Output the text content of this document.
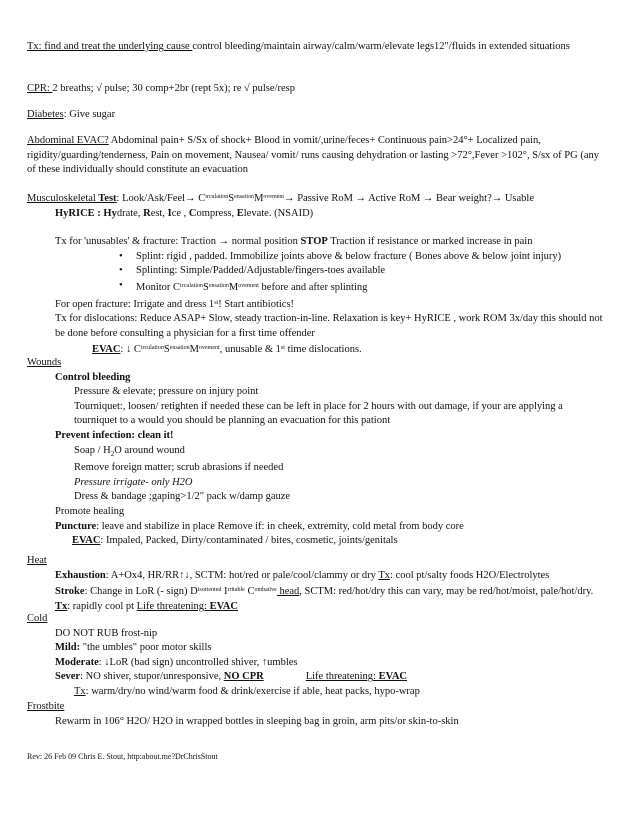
Tx: find and treat the underlying cause control bleeding/maintain airway/calm/warm/elevate legs12"/fluids in extended situations
CPR: 2 breaths; √ pulse; 30 comp+2br (rept 5x); re √ pulse/resp
Diabetes: Give sugar
Abdominal EVAC? Abdominal pain+ S/Sx of shock+ Blood in vomit/,urine/feces+ Continuous pain>24°+ Localized pain, rigidity/guarding/tenderness, Pain on movement, Nausea/ vomit/ runs causing dehydration or lasting >72°,Fever >102°, S/sx of PG (any of these individually should constitute an evacuation
Musculoskeletal Test: Look/Ask/Feel→ $C^{irculation}S^{ensation}M^{ovement}\to$ Passive RoM → Active RoM → Bear weight?→ Usable
HyRICE : Hydrate, Rest, Ice , Compress, Elevate. (NSAID)
Tx for 'unusables' & fracture: Traction → normal position STOP Traction if resistance or marked increase in pain
• Splint: rigid , padded. Immobilize joints above & below fracture ( Bones above & below joint injury)
• Splinting: Simple/Padded/Adjustable/fingers-toes available
• Monitor $C^{irculation}S^{ensation}M^{ovement}$ before and after splinting
For open fracture: Irrigate and dress 1st! Start antibiotics!
Tx for dislocations: Reduce ASAP+ Slow, steady traction-in-line. Relaxation is key+ HyRICE , work ROM 3x/day this should not be done before consulting a physician for a first time offender
EVAC: ↓ $C^{irculation}S^{ensation}M^{ovement}$, unusable & 1st time dislocations.
Wounds
Control bleeding
Pressure & elevate; pressure on injury point
Tourniquet:, loosen/ retighten if needed these can be left in place for 2 hours with out damage, if your are applying a tourniquet to a would you should be planning an evacuation for this pationt
Prevent infection: clean it!
Soap / $H_2O$ around wound
Remove foreign matter; scrub abrasions if needed
Pressure irrigate- only H2O
Dress & bandage ;gaping>1/2" pack w/damp gauze
Promote healing
Puncture: leave and stabilize in place Remove if: in cheek, extremity, cold metal from body core
EVAC: Impaled, Packed, Dirty/contaminated / bites, cosmetic, joints/genitals
Heat
Exhaustion: A+Ox4, HR/RR↑↓, SCTM: hot/red or pale/cool/clammy or dry Tx: cool pt/salty foods H2O/Electrolytes
Stroke: Change in LoR (- sign) $D^{isoriented}$ $I^{rritable}$ $C^{ombative}$ head, SCTM: red/hot/dry this can vary, may be red/hot/moist, pale/hot/dry. Tx: rapidly cool pt Life threatening: EVAC
Cold
DO NOT RUB frost-nip
Mild: "the umbles" poor motor skills
Moderate: ↓LoR (bad sign) uncontrolled shiver, ↑umbles
Sever: NO shiver, stupor/unresponsive, NO CPR	Life threatening: EVAC
Tx: warm/dry/no wind/warm food & drink/exercise if able, heat packs, hypo-wrap
Frostbite
Rewarm in 106° H2O/ H2O in wrapped bottles in sleeping bag in groin, arm pits/or skin-to-skin
Rev: 26 Feb 09 Chris E. Stout, http:about.me?DrChrisStout
